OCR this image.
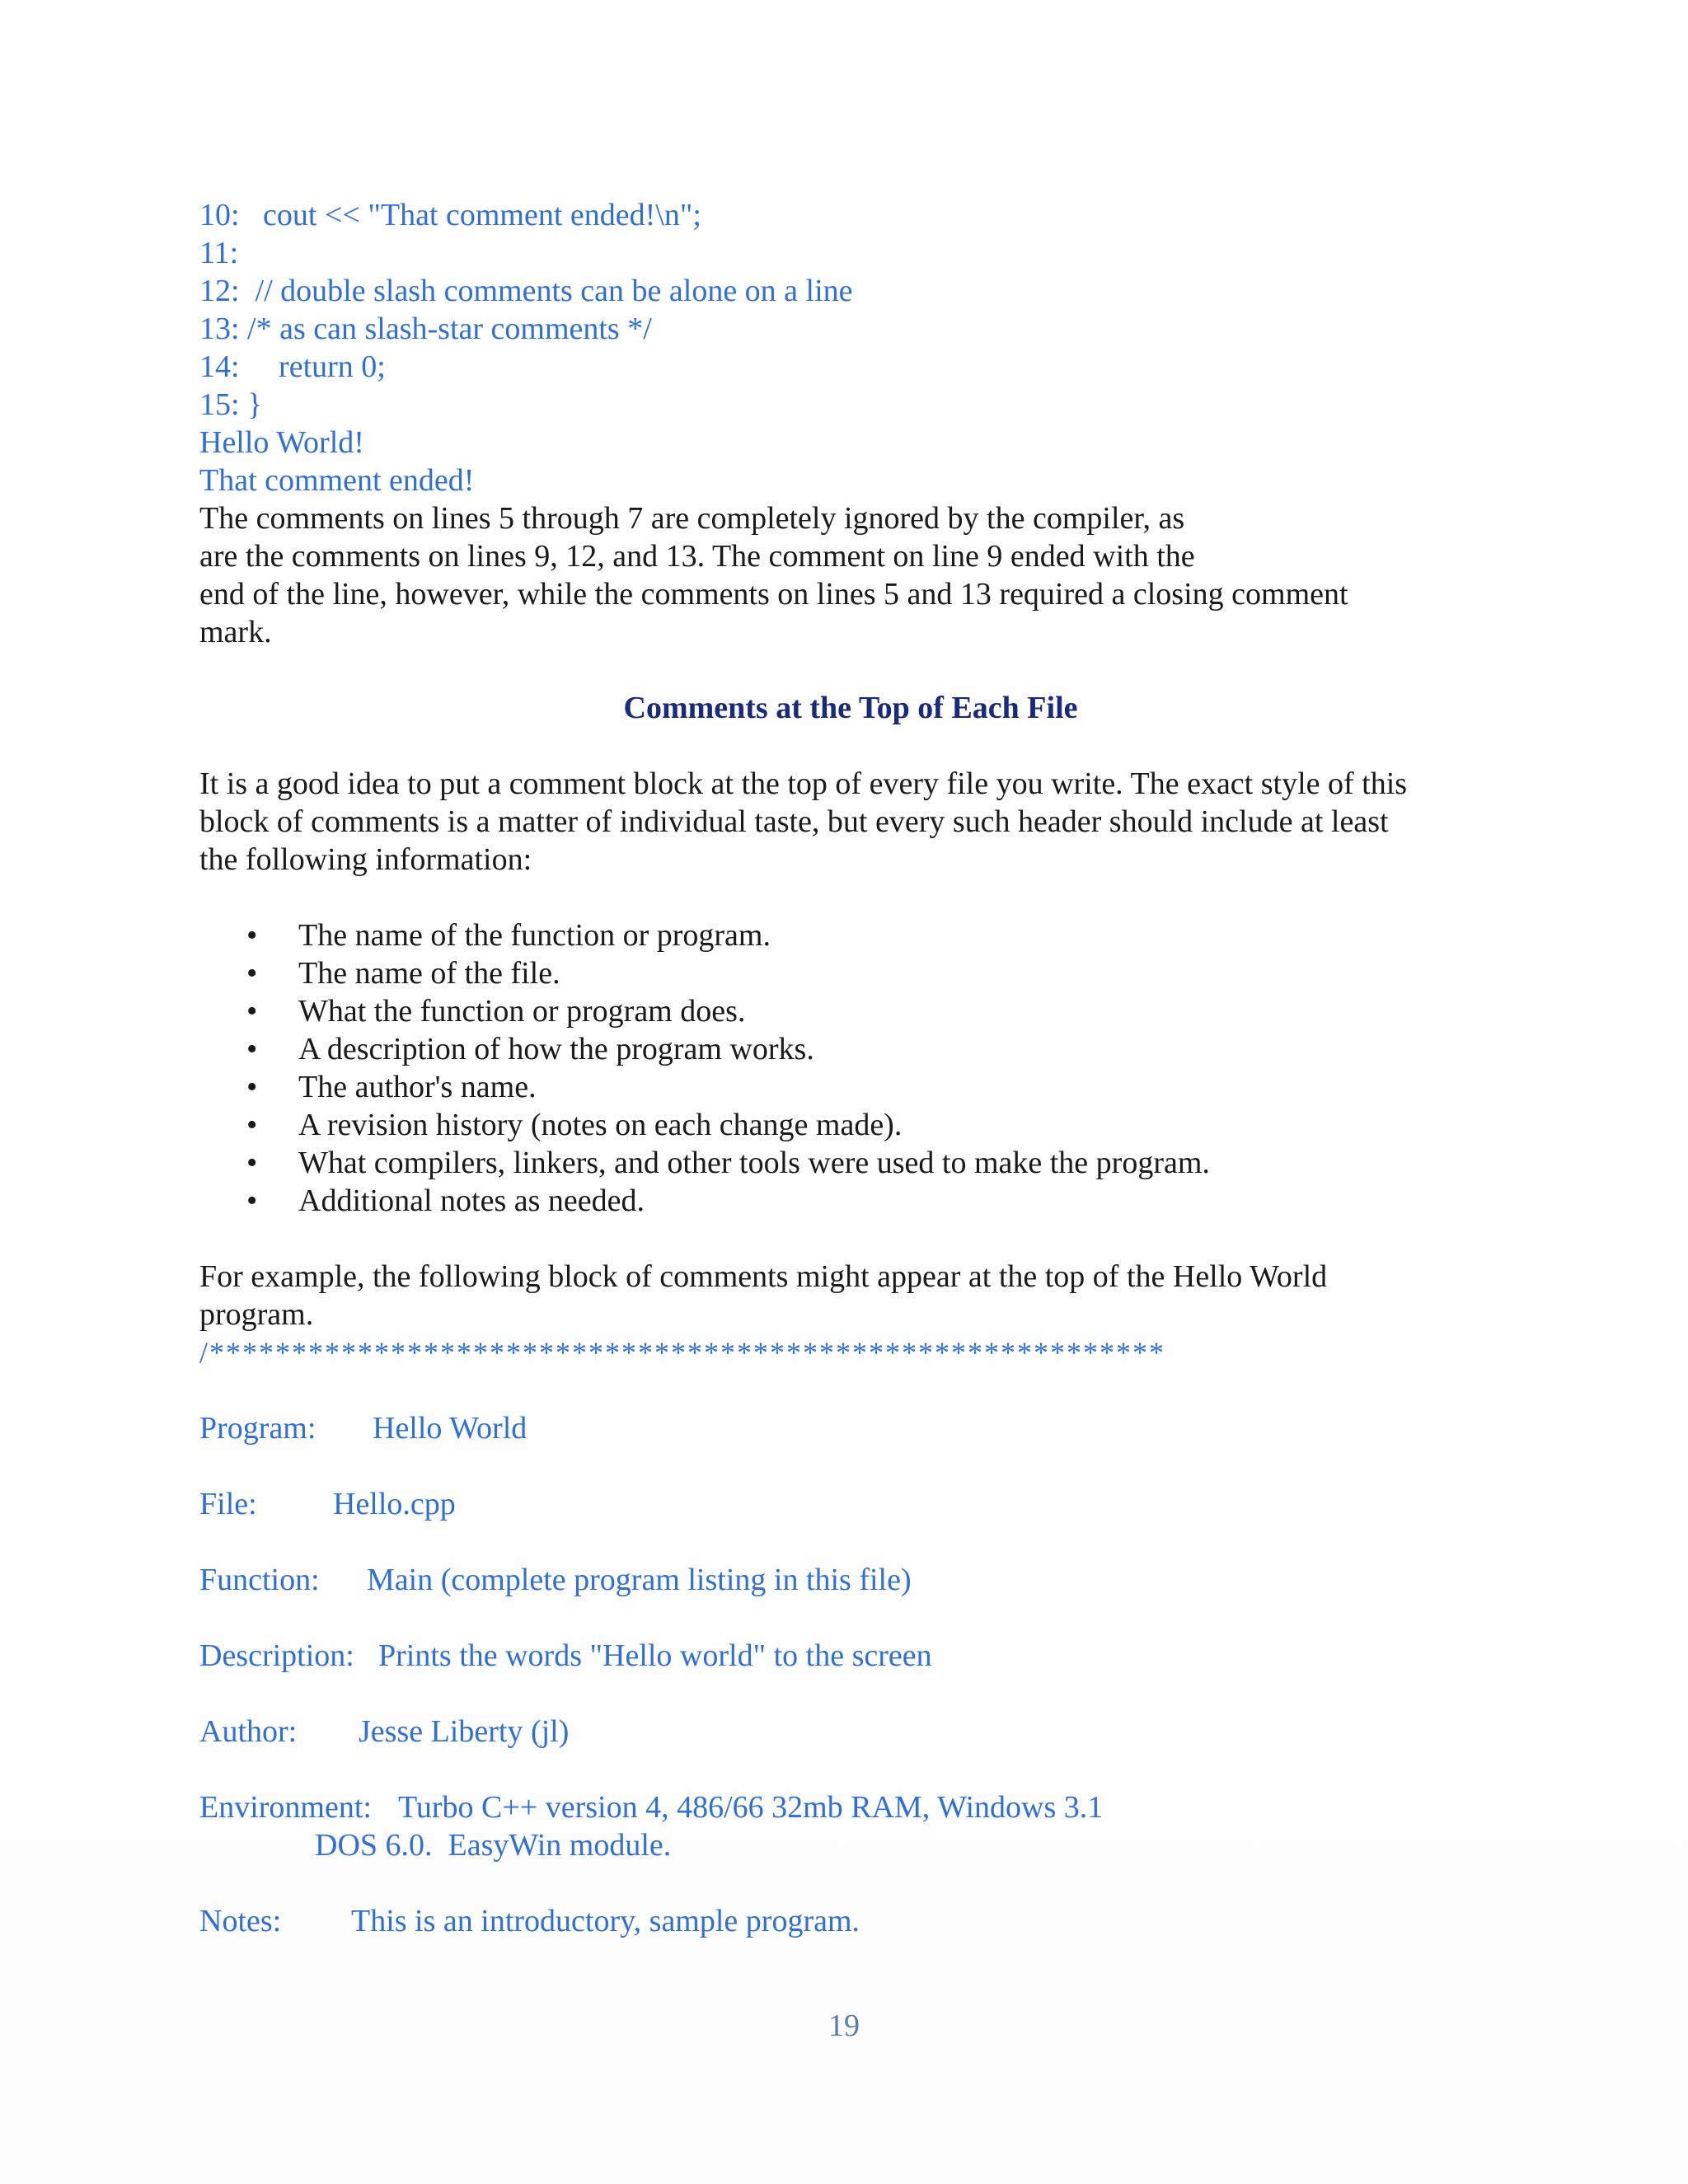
10:   cout << "That comment ended!\n";

11:

12:  // double slash comments can be alone on a line

13: /* as can slash-star comments */

14:     return 0;

15: }

Hello World!

That comment ended!

The comments on lines 5 through 7 are completely ignored by the compiler, as

are the comments on lines 9, 12, and 13. The comment on line 9 ended with the

end of the line, however, while the comments on lines 5 and 13 required a closing comment

mark.

Comments at the Top of Each File

It is a good idea to put a comment block at the top of every file you write. The exact style of this

block of comments is a matter of individual taste, but every such header should include at least

the following information:

• The name of the function or program.
• The name of the file.
• What the function or program does.
• A description of how the program works.
• The author's name.
• A revision history (notes on each change made).
• What compilers, linkers, and other tools were used to make the program.
• Additional notes as needed.

For example, the following block of comments might appear at the top of the Hello World

program.

/**********************************************************

Program: Hello World

File: Hello.cpp

Function: Main (complete program listing in this file)

Description: Prints the words "Hello world" to the screen

Author: Jesse Liberty (jl)

Environment: Turbo C++ version 4, 486/66 32mb RAM, Windows 3.1

DOS 6.0.  EasyWin module.

Notes: This is an introductory, sample program.

19
